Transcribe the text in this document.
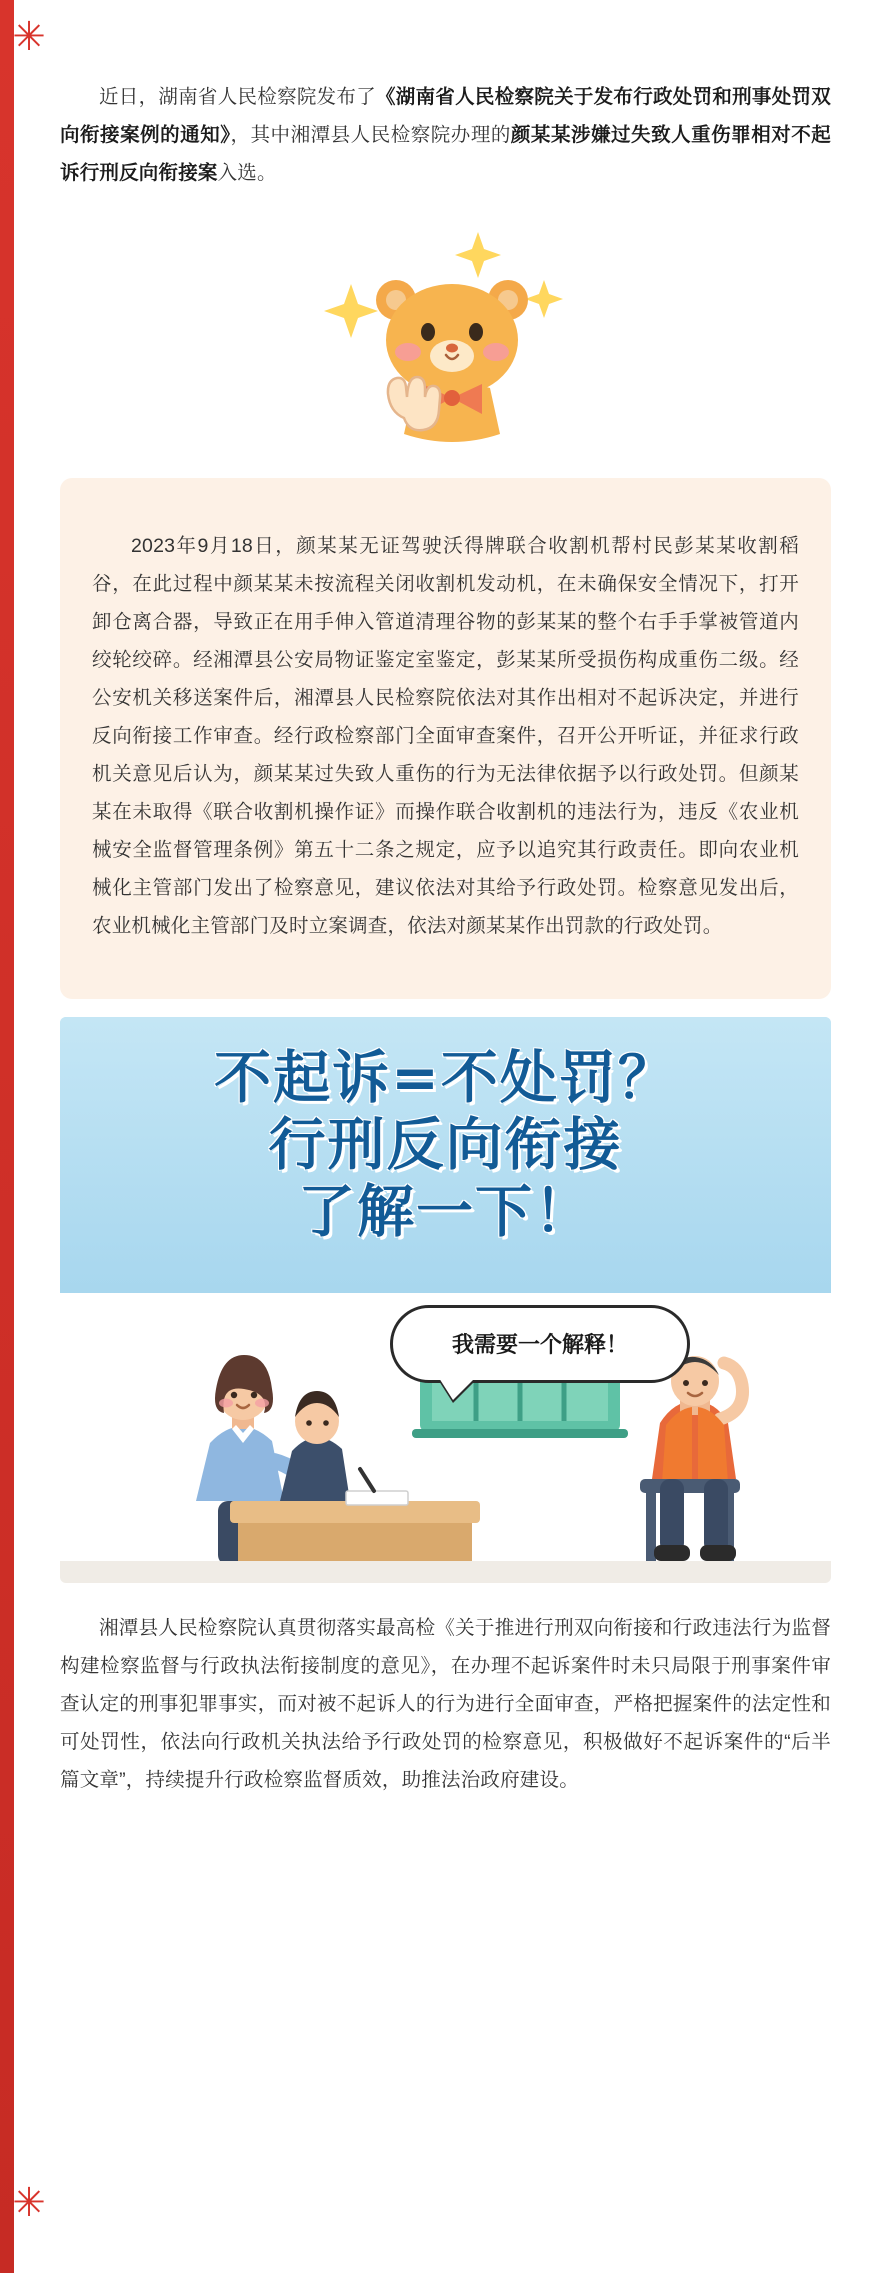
✳
✳

近日，湖南省人民检察院发布了《湖南省人民检察院关于发布行政处罚和刑事处罚双向衔接案例的通知》，其中湘潭县人民检察院办理的颜某某涉嫌过失致人重伤罪相对不起诉行刑反向衔接案入选。

2023年9月18日，颜某某无证驾驶沃得牌联合收割机帮村民彭某某收割稻谷，在此过程中颜某某未按流程关闭收割机发动机，在未确保安全情况下，打开卸仓离合器，导致正在用手伸入管道清理谷物的彭某某的整个右手手掌被管道内绞轮绞碎。经湘潭县公安局物证鉴定室鉴定，彭某某所受损伤构成重伤二级。经公安机关移送案件后，湘潭县人民检察院依法对其作出相对不起诉决定，并进行反向衔接工作审查。经行政检察部门全面审查案件，召开公开听证，并征求行政机关意见后认为，颜某某过失致人重伤的行为无法律依据予以行政处罚。但颜某某在未取得《联合收割机操作证》而操作联合收割机的违法行为，违反《农业机械安全监督管理条例》第五十二条之规定，应予以追究其行政责任。即向农业机械化主管部门发出了检察意见，建议依法对其给予行政处罚。检察意见发出后，农业机械化主管部门及时立案调查，依法对颜某某作出罚款的行政处罚。

不起诉=不处罚？
行刑反向衔接
了解一下！
我需要一个解释！

湘潭县人民检察院认真贯彻落实最高检《关于推进行刑双向衔接和行政违法行为监督 构建检察监督与行政执法衔接制度的意见》，在办理不起诉案件时未只局限于刑事案件审查认定的刑事犯罪事实，而对被不起诉人的行为进行全面审查，严格把握案件的法定性和可处罚性，依法向行政机关执法给予行政处罚的检察意见，积极做好不起诉案件的“后半篇文章”，持续提升行政检察监督质效，助推法治政府建设。
